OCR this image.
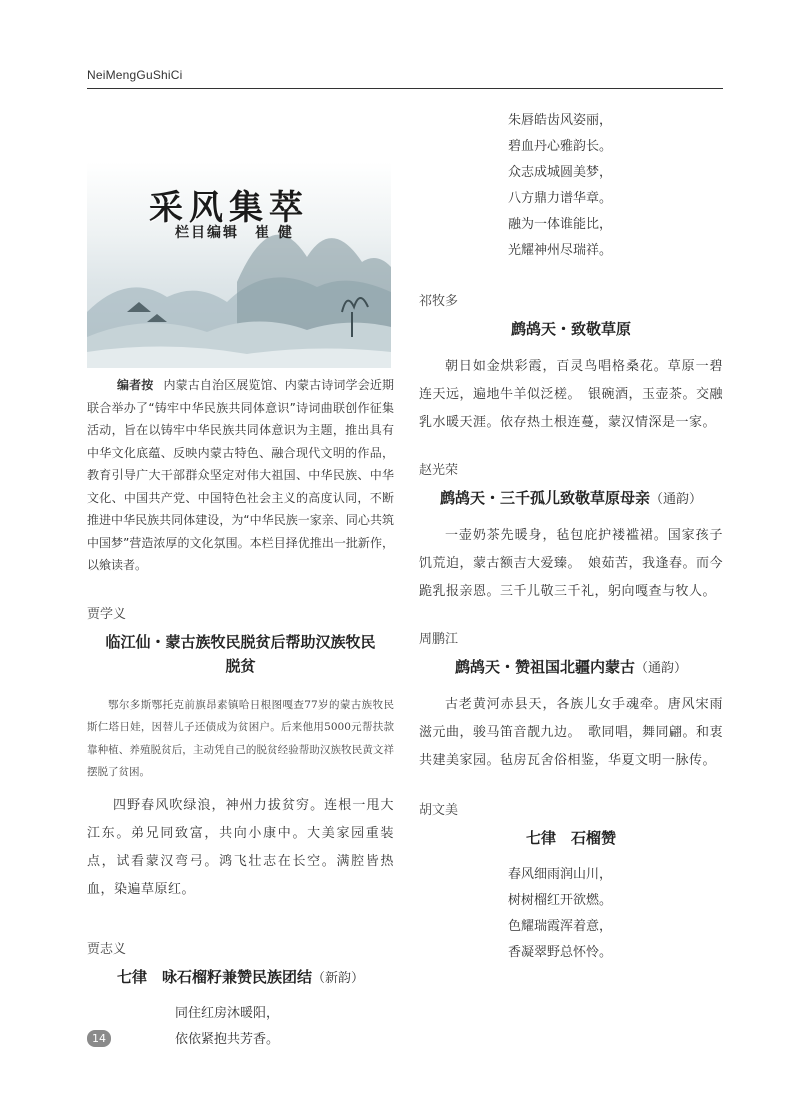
NeiMengGuShiCi
采风集萃
栏目编辑 崔 健
编者按 内蒙古自治区展览馆、内蒙古诗词学会近期联合举办了“铸牢中华民族共同体意识”诗词曲联创作征集活动，旨在以铸牢中华民族共同体意识为主题，推出具有中华文化底蕴、反映内蒙古特色、融合现代文明的作品，教育引导广大干部群众坚定对伟大祖国、中华民族、中华文化、中国共产党、中国特色社会主义的高度认同，不断推进中华民族共同体建设，为“中华民族一家亲、同心共筑中国梦”营造浓厚的文化氛围。本栏目择优推出一批新作，以飨读者。

贾学义

临江仙・蒙古族牧民脱贫后帮助汉族牧民

脱贫

鄂尔多斯鄂托克前旗昂素镇哈日根图嘎查77岁的蒙古族牧民斯仁塔日娃，因替儿子还债成为贫困户。后来他用5000元帮扶款靠种植、养殖脱贫后，主动凭自己的脱贫经验帮助汉族牧民黄文祥摆脱了贫困。

四野春风吹绿浪，神州力拔贫穷。连根一甩大江东。弟兄同致富，共向小康中。大美家园重装点，试看蒙汉弯弓。鸿飞壮志在长空。满腔皆热血，染遍草原红。

贾志义

七律　咏石榴籽兼赞民族团结（新韵）

同住红房沐暖阳，

依依紧抱共芳香。

朱唇皓齿风姿丽，

碧血丹心雅韵长。

众志成城圆美梦，

八方鼎力谱华章。

融为一体谁能比，

光耀神州尽瑞祥。

祁牧多

鹧鸪天・致敬草原

朝日如金烘彩霞，百灵鸟唱格桑花。草原一碧连天远，遍地牛羊似泛槎。　银碗酒，玉壶茶。交融乳水暖天涯。依存热土根连蔓，蒙汉情深是一家。

赵光荣

鹧鸪天・三千孤儿致敬草原母亲（通韵）

一壶奶茶先暖身，毡包庇护褛褴裙。国家孩子饥荒迫，蒙古额吉大爱臻。　娘茹苦，我逢春。而今跪乳报亲恩。三千儿敬三千礼，躬向嘎查与牧人。

周鹏江

鹧鸪天・赞祖国北疆内蒙古（通韵）

古老黄河赤县天，各族儿女手魂牵。唐风宋雨滋元曲，骏马笛音靓九边。　歌同唱，舞同翩。和衷共建美家园。毡房瓦舍俗相鉴，华夏文明一脉传。

胡文美

七律　石榴赞

春风细雨润山川，

树树榴红开欲燃。

色耀瑞霞浑着意，

香凝翠野总怀怜。

14
